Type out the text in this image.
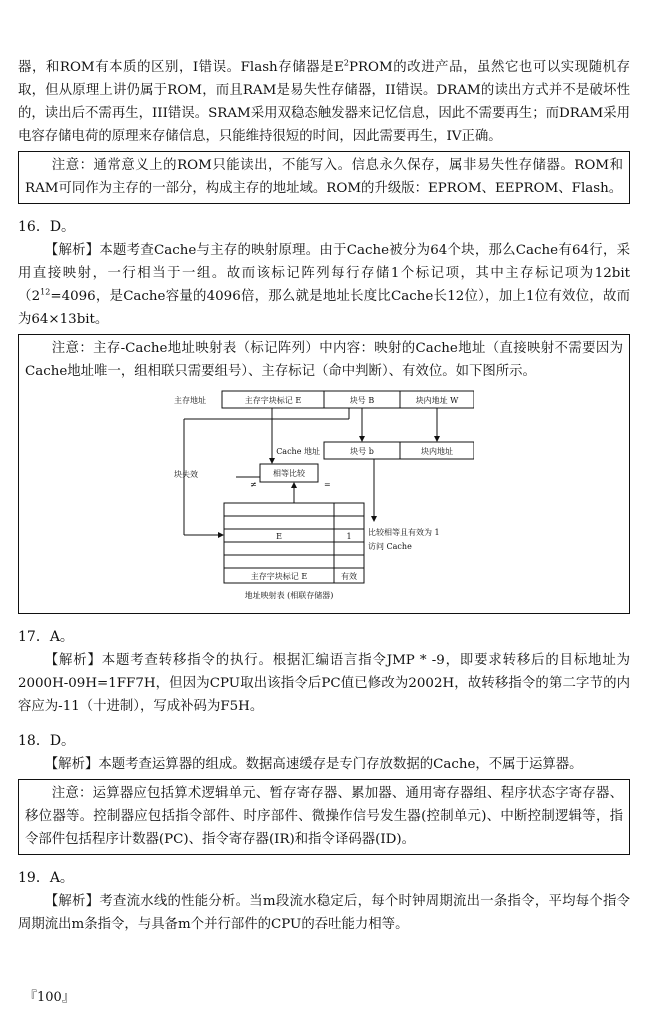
器，和ROM有本质的区别，I错误。Flash存储器是$E^2PROM$的改进产品，虽然它也可以实现随机存取，但从原理上讲仍属于ROM，而且RAM是易失性存储器，II错误。DRAM的读出方式并不是破坏性的，读出后不需再生，III错误。SRAM采用双稳态触发器来记忆信息，因此不需要再生；而DRAM采用电容存储电荷的原理来存储信息，只能维持很短的时间，因此需要再生，IV正确。

注意：通常意义上的ROM只能读出，不能写入。信息永久保存，属非易失性存储器。ROM和RAM可同作为主存的一部分，构成主存的地址域。ROM的升级版：EPROM、EEPROM、Flash。

16．D。

【解析】本题考查Cache与主存的映射原理。由于Cache被分为64个块，那么Cache有64行，采用直接映射，一行相当于一组。故而该标记阵列每行存储1个标记项，其中主存标记项为$12bit(2^{12}=4096$，是Cache容量的4096倍，那么就是地址长度比Cache长12位），加上1位有效位，故而为64×13bit。

注意：主存-Cache地址映射表（标记阵列）中内容：映射的Cache地址（直接映射不需要因为Cache地址唯一，组相联只需要组号）、主存标记（命中判断）、有效位。如下图所示。

主存地址	主存字块标记 E	块号 B	块内地址 W
Cache 地址	块号 b	块内地址
块失效	相等比较
≠	=
比较相等且有效为 1
访问 Cache
E	1
主存字块标记 E	有效
地址映射表 (相联存储器)

17．A。

【解析】本题考查转移指令的执行。根据汇编语言指令JMP * -9，即要求转移后的目标地址为2000H-09H=1FF7H，但因为CPU取出该指令后PC值已修改为2002H，故转移指令的第二字节的内容应为-11（十进制），写成补码为F5H。

18．D。

【解析】本题考查运算器的组成。数据高速缓存是专门存放数据的Cache，不属于运算器。

注意：运算器应包括算术逻辑单元、暂存寄存器、累加器、通用寄存器组、程序状态字寄存器、移位器等。控制器应包括指令部件、时序部件、微操作信号发生器(控制单元)、中断控制逻辑等，指令部件包括程序计数器(PC)、指令寄存器(IR)和指令译码器(ID)。

19．A。

【解析】考查流水线的性能分析。当m段流水稳定后，每个时钟周期流出一条指令，平均每个指令周期流出m条指令，与具备m个并行部件的CPU的吞吐能力相等。

『100』
